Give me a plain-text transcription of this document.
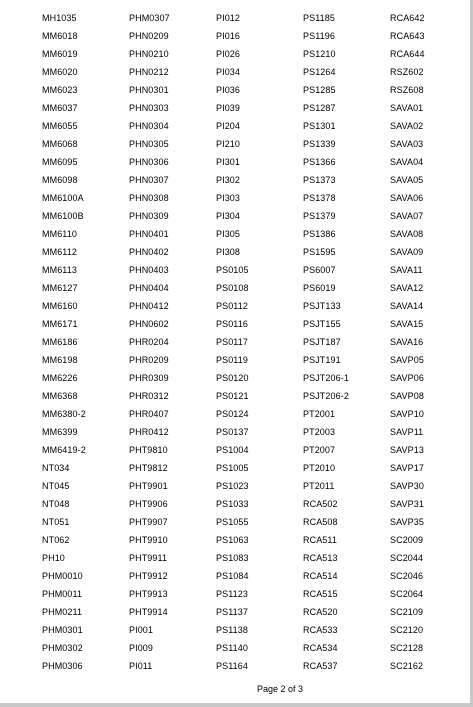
MH1035	PHM0307	PI012	PS1185	RCA642
MM6018	PHN0209	PI016	PS1196	RCA643
MM6019	PHN0210	PI026	PS1210	RCA644
MM6020	PHN0212	PI034	PS1264	RSZ602
MM6023	PHN0301	PI036	PS1285	RSZ608
MM6037	PHN0303	PI039	PS1287	SAVA01
MM6055	PHN0304	PI204	PS1301	SAVA02
MM6068	PHN0305	PI210	PS1339	SAVA03
MM6095	PHN0306	PI301	PS1366	SAVA04
MM6098	PHN0307	PI302	PS1373	SAVA05
MM6100A	PHN0308	PI303	PS1378	SAVA06
MM6100B	PHN0309	PI304	PS1379	SAVA07
MM6110	PHN0401	PI305	PS1386	SAVA08
MM6112	PHN0402	PI308	PS1595	SAVA09
MM6113	PHN0403	PS0105	PS6007	SAVA11
MM6127	PHN0404	PS0108	PS6019	SAVA12
MM6160	PHN0412	PS0112	PSJT133	SAVA14
MM6171	PHN0602	PS0116	PSJT155	SAVA15
MM6186	PHR0204	PS0117	PSJT187	SAVA16
MM6198	PHR0209	PS0119	PSJT191	SAVP05
MM6226	PHR0309	PS0120	PSJT206-1	SAVP06
MM6368	PHR0312	PS0121	PSJT206-2	SAVP08
MM6380-2	PHR0407	PS0124	PT2001	SAVP10
MM6399	PHR0412	PS0137	PT2003	SAVP11
MM6419-2	PHT9810	PS1004	PT2007	SAVP13
NT034	PHT9812	PS1005	PT2010	SAVP17
NT045	PHT9901	PS1023	PT2011	SAVP30
NT048	PHT9906	PS1033	RCA502	SAVP31
NT051	PHT9907	PS1055	RCA508	SAVP35
NT062	PHT9910	PS1063	RCA511	SC2009
PH10	PHT9911	PS1083	RCA513	SC2044
PHM0010	PHT9912	PS1084	RCA514	SC2046
PHM0011	PHT9913	PS1123	RCA515	SC2064
PHM0211	PHT9914	PS1137	RCA520	SC2109
PHM0301	PI001	PS1138	RCA533	SC2120
PHM0302	PI009	PS1140	RCA534	SC2128
PHM0306	PI011	PS1164	RCA537	SC2162
Page 2 of 3
